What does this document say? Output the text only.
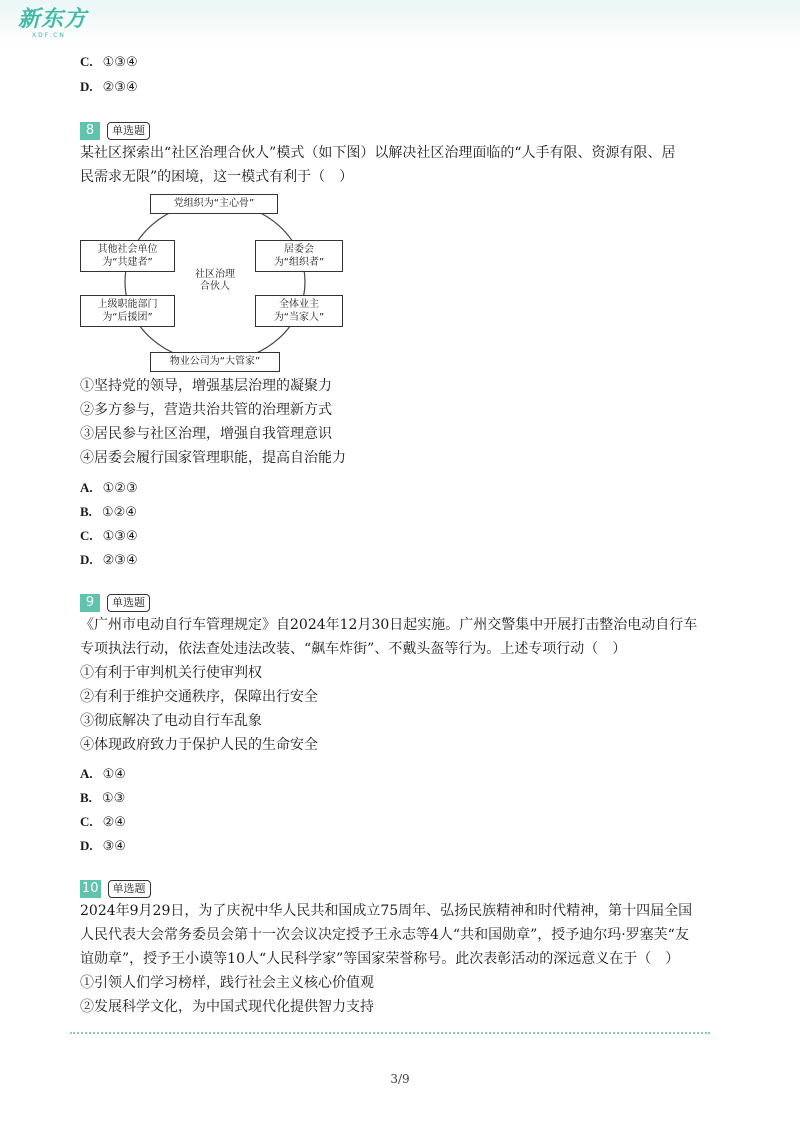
新东方
XDF.CN
C. ①③④
D. ②③④
8	单选题
某社区探索出“社区治理合伙人”模式（如下图）以解决社区治理面临的“人手有限、资源有限、居
民需求无限”的困境，这一模式有利于（　）
党组织为“主心骨”
其他社会单位
为“共建者”
居委会
为“组织者”
社区治理
合伙人
上级职能部门
为“后援团”
全体业主
为“当家人”
物业公司为“大管家”
①坚持党的领导，增强基层治理的凝聚力
②多方参与，营造共治共管的治理新方式
③居民参与社区治理，增强自我管理意识
④居委会履行国家管理职能，提高自治能力
A. ①②③
B. ①②④
C. ①③④
D. ②③④
9	单选题
《广州市电动自行车管理规定》自2024年12月30日起实施。广州交警集中开展打击整治电动自行车
专项执法行动，依法查处违法改装、“飙车炸街”、不戴头盔等行为。上述专项行动（　）
①有利于审判机关行使审判权
②有利于维护交通秩序，保障出行安全
③彻底解决了电动自行车乱象
④体现政府致力于保护人民的生命安全
A. ①④
B. ①③
C. ②④
D. ③④
10	单选题
2024年9月29日，为了庆祝中华人民共和国成立75周年、弘扬民族精神和时代精神，第十四届全国
人民代表大会常务委员会第十一次会议决定授予王永志等4人“共和国勋章”，授予迪尔玛·罗塞芙“友
谊勋章”，授予王小谟等10人“人民科学家”等国家荣誉称号。此次表彰活动的深远意义在于（　）
①引领人们学习榜样，践行社会主义核心价值观
②发展科学文化，为中国式现代化提供智力支持
3/9
